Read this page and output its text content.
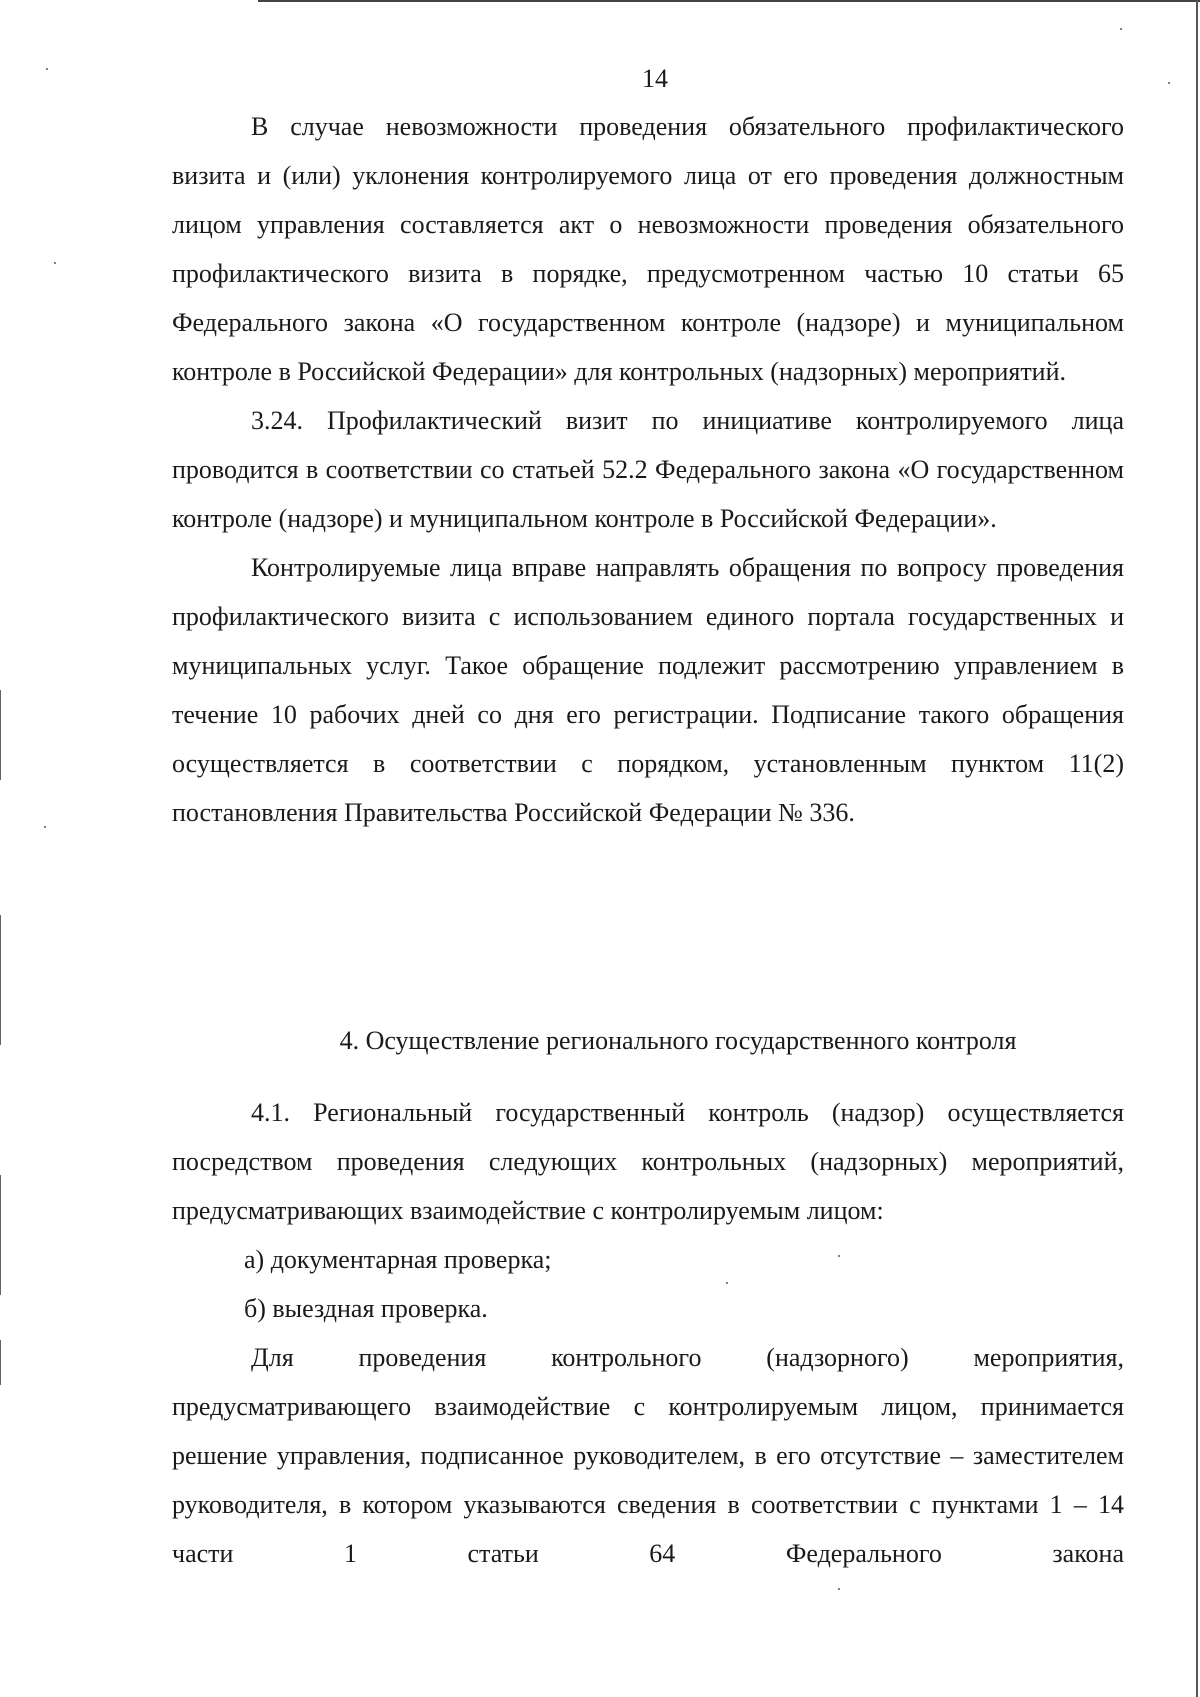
14

В случае невозможности проведения обязательного профилактического визита и (или) уклонения контролируемого лица от его проведения должностным лицом управления составляется акт о невозможности проведения обязательного профилактического визита в порядке, предусмотренном частью 10 статьи 65 Федерального закона «О государственном контроле (надзоре) и муниципальном контроле в Российской Федерации» для контрольных (надзорных) мероприятий.

3.24. Профилактический визит по инициативе контролируемого лица проводится в соответствии со статьей 52.2 Федерального закона «О государственном контроле (надзоре) и муниципальном контроле в Российской Федерации».

Контролируемые лица вправе направлять обращения по вопросу проведения профилактического визита с использованием единого портала государственных и муниципальных услуг. Такое обращение подлежит рассмотрению управлением в течение 10 рабочих дней со дня его регистрации. Подписание такого обращения осуществляется в соответствии с порядком, установленным пунктом 11(2) постановления Правительства Российской Федерации № 336.

4. Осуществление регионального государственного контроля

4.1. Региональный государственный контроль (надзор) осуществляется посредством проведения следующих контрольных (надзорных) мероприятий, предусматривающих взаимодействие с контролируемым лицом:

а) документарная проверка;

б) выездная проверка.

Для проведения контрольного (надзорного) мероприятия, предусматривающего взаимодействие с контролируемым лицом, принимается решение управления, подписанное руководителем, в его отсутствие – заместителем руководителя, в котором указываются сведения в соответствии с пунктами 1 – 14 части 1 статьи 64 Федерального закона
